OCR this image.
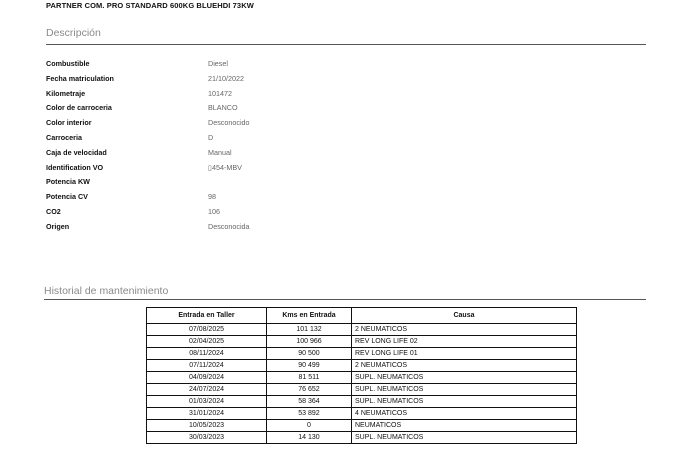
PARTNER COM. PRO STANDARD 600KG BLUEHDI 73KW
Descripción
Combustible	Diesel
Fecha matriculation	21/10/2022
Kilometraje	101472
Color de carroceria	BLANCO
Color interior	Desconocido
Carroceria	D
Caja de velocidad	Manual
Identification VO	▯454-MBV
Potencia KW
Potencia CV	98
CO2	106
Origen	Desconocida
Historial de mantenimiento
Entrada en Taller	Kms en Entrada	Causa
07/08/2025	101 132	2 NEUMATICOS
02/04/2025	100 966	REV LONG LIFE 02
08/11/2024	90 500	REV LONG LIFE 01
07/11/2024	90 499	2 NEUMATICOS
04/09/2024	81 511	SUPL. NEUMATICOS
24/07/2024	76 652	SUPL. NEUMATICOS
01/03/2024	58 364	SUPL. NEUMATICOS
31/01/2024	53 892	4 NEUMATICOS
10/05/2023	0	NEUMATICOS
30/03/2023	14 130	SUPL. NEUMATICOS
